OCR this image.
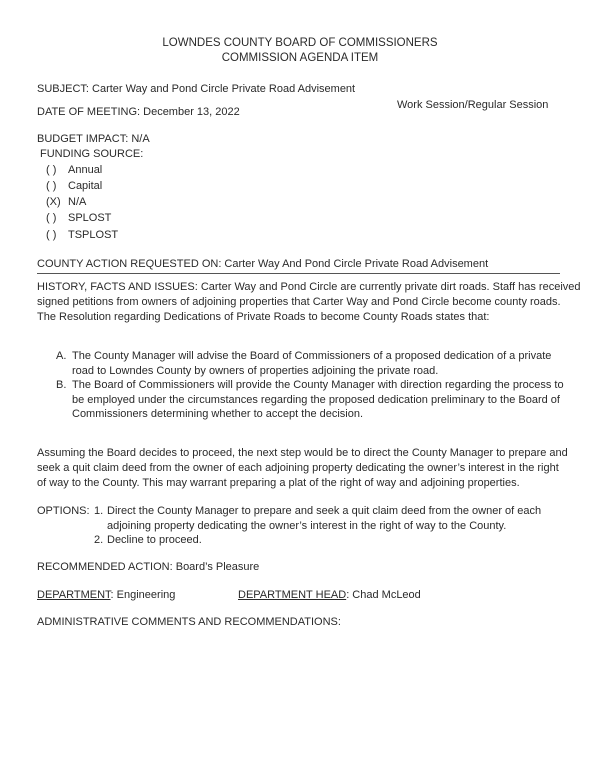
LOWNDES COUNTY BOARD OF COMMISSIONERS
COMMISSION AGENDA ITEM
SUBJECT: Carter Way and Pond Circle Private Road Advisement
DATE OF MEETING: December 13, 2022
Work Session/Regular Session
BUDGET IMPACT: N/A
FUNDING SOURCE:
( ) Annual
( ) Capital
(X) N/A
( ) SPLOST
( ) TSPLOST
COUNTY ACTION REQUESTED ON: Carter Way And Pond Circle Private Road Advisement
HISTORY, FACTS AND ISSUES: Carter Way and Pond Circle are currently private dirt roads. Staff has received
signed petitions from owners of adjoining properties that Carter Way and Pond Circle become county roads.
The Resolution regarding Dedications of Private Roads to become County Roads states that:
A. The County Manager will advise the Board of Commissioners of a proposed dedication of a private
road to Lowndes County by owners of properties adjoining the private road.
B. The Board of Commissioners will provide the County Manager with direction regarding the process to
be employed under the circumstances regarding the proposed dedication preliminary to the Board of
Commissioners determining whether to accept the decision.
Assuming the Board decides to proceed, the next step would be to direct the County Manager to prepare and
seek a quit claim deed from the owner of each adjoining property dedicating the owner’s interest in the right
of way to the County. This may warrant preparing a plat of the right of way and adjoining properties.
OPTIONS: 1. Direct the County Manager to prepare and seek a quit claim deed from the owner of each
adjoining property dedicating the owner’s interest in the right of way to the County.
2. Decline to proceed.
RECOMMENDED ACTION: Board’s Pleasure
DEPARTMENT: Engineering	DEPARTMENT HEAD: Chad McLeod
ADMINISTRATIVE COMMENTS AND RECOMMENDATIONS:
